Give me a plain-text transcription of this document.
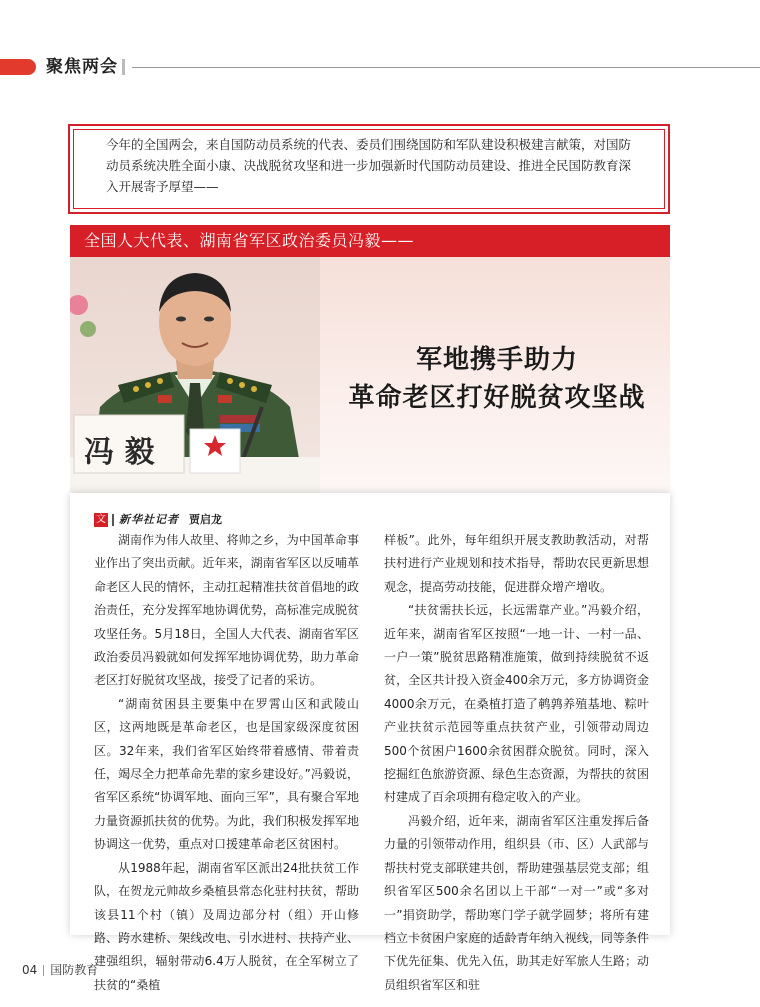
聚焦两会

今年的全国两会，来自国防动员系统的代表、委员们围绕国防和军队建设积极建言献策，对国防动员系统决胜全面小康、决战脱贫攻坚和进一步加强新时代国防动员建设、推进全民国防教育深入开展寄予厚望——

全国人大代表、湖南省军区政治委员冯毅——
冯 毅
军地携手助力
革命老区打好脱贫攻坚战
文 新华社记者 贾启龙

湖南作为伟人故里、将帅之乡，为中国革命事业作出了突出贡献。近年来，湖南省军区以反哺革命老区人民的情怀，主动扛起精准扶贫首倡地的政治责任，充分发挥军地协调优势，高标准完成脱贫攻坚任务。5月18日，全国人大代表、湖南省军区政治委员冯毅就如何发挥军地协调优势，助力革命老区打好脱贫攻坚战，接受了记者的采访。

“湖南贫困县主要集中在罗霄山区和武陵山区，这两地既是革命老区，也是国家级深度贫困区。32年来，我们省军区始终带着感情、带着责任，竭尽全力把革命先辈的家乡建设好。”冯毅说，省军区系统“协调军地、面向三军”，具有聚合军地力量资源抓扶贫的优势。为此，我们积极发挥军地协调这一优势，重点对口援建革命老区贫困村。

从1988年起，湖南省军区派出24批扶贫工作队，在贺龙元帅故乡桑植县常态化驻村扶贫，帮助该县11个村（镇）及周边部分村（组）开山修路、跨水建桥、架线改电、引水进村、扶持产业、建强组织，辐射带动6.4万人脱贫，在全军树立了扶贫的“桑植

样板”。此外，每年组织开展支教助教活动，对帮扶村进行产业规划和技术指导，帮助农民更新思想观念，提高劳动技能，促进群众增产增收。

“扶贫需扶长远，长远需靠产业。”冯毅介绍，近年来，湖南省军区按照“一地一计、一村一品、一户一策”脱贫思路精准施策，做到持续脱贫不返贫，全区共计投入资金400余万元，多方协调资金4000余万元，在桑植打造了鹌鹑养殖基地、粽叶产业扶贫示范园等重点扶贫产业，引领带动周边500个贫困户1600余贫困群众脱贫。同时，深入挖掘红色旅游资源、绿色生态资源，为帮扶的贫困村建成了百余项拥有稳定收入的产业。

冯毅介绍，近年来，湖南省军区注重发挥后备力量的引领带动作用，组织县（市、区）人武部与帮扶村党支部联建共创，帮助建强基层党支部；组织省军区500余名团以上干部“一对一”或“多对一”捐资助学，帮助寒门学子就学圆梦；将所有建档立卡贫困户家庭的适龄青年纳入视线，同等条件下优先征集、优先入伍，助其走好军旅人生路；动员组织省军区和驻

04 国防教育
